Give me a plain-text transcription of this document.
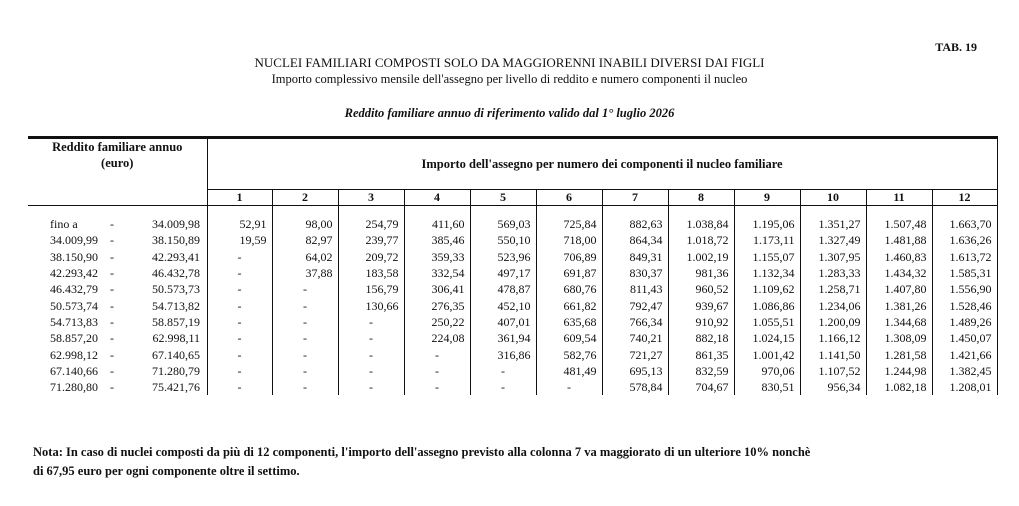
TAB. 19
NUCLEI FAMILIARI COMPOSTI SOLO DA MAGGIORENNI INABILI DIVERSI DAI FIGLI
Importo complessivo mensile dell'assegno per livello di reddito e numero componenti il nucleo
Reddito familiare annuo di riferimento valido dal 1° luglio 2026
Reddito familiare annuo
(euro)	Importo dell'assegno per numero dei componenti il nucleo familiare											
	1	2	3	4	5	6	7	8	9	10	11	12

fino a - 34.009,98	52,91	98,00	254,79	411,60	569,03	725,84	882,63	1.038,84	1.195,06	1.351,27	1.507,48	1.663,70
34.009,99 - 38.150,89	19,59	82,97	239,77	385,46	550,10	718,00	864,34	1.018,72	1.173,11	1.327,49	1.481,88	1.636,26
38.150,90 - 42.293,41	-	64,02	209,72	359,33	523,96	706,89	849,31	1.002,19	1.155,07	1.307,95	1.460,83	1.613,72
42.293,42 - 46.432,78	-	37,88	183,58	332,54	497,17	691,87	830,37	981,36	1.132,34	1.283,33	1.434,32	1.585,31
46.432,79 - 50.573,73	-	-	156,79	306,41	478,87	680,76	811,43	960,52	1.109,62	1.258,71	1.407,80	1.556,90
50.573,74 - 54.713,82	-	-	130,66	276,35	452,10	661,82	792,47	939,67	1.086,86	1.234,06	1.381,26	1.528,46
54.713,83 - 58.857,19	-	-	-	250,22	407,01	635,68	766,34	910,92	1.055,51	1.200,09	1.344,68	1.489,26
58.857,20 - 62.998,11	-	-	-	224,08	361,94	609,54	740,21	882,18	1.024,15	1.166,12	1.308,09	1.450,07
62.998,12 - 67.140,65	-	-	-	-	316,86	582,76	721,27	861,35	1.001,42	1.141,50	1.281,58	1.421,66
67.140,66 - 71.280,79	-	-	-	-	-	481,49	695,13	832,59	970,06	1.107,52	1.244,98	1.382,45
71.280,80 - 75.421,76	-	-	-	-	-	-	578,84	704,67	830,51	956,34	1.082,18	1.208,01
Nota: In caso di nuclei composti da più di 12 componenti, l'importo dell'assegno previsto alla colonna 7 va maggiorato di un ulteriore 10% nonchè
di 67,95 euro per ogni componente oltre il settimo.
